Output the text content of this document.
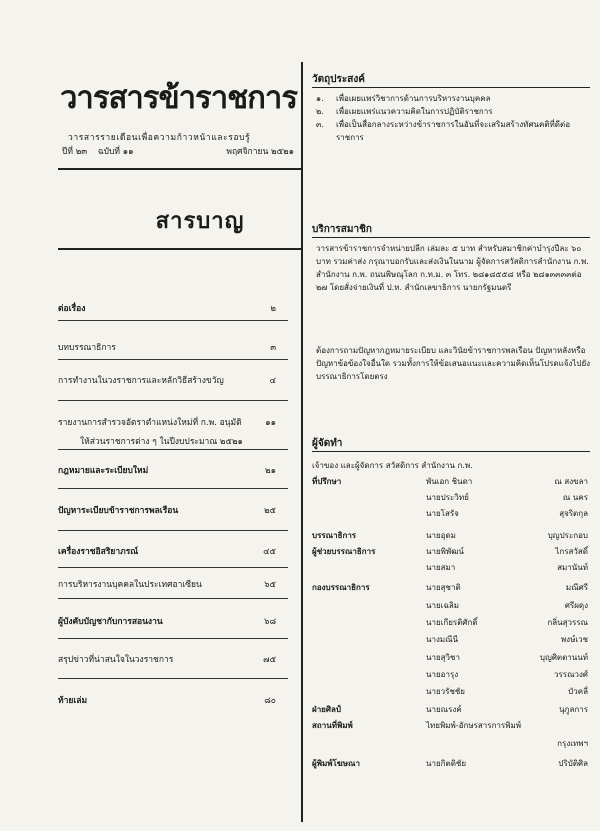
วารสารข้าราชการ
วารสารรายเดือนเพื่อความก้าวหน้าและรอบรู้
ปีที่ ๒๓ ฉบับที่ ๑๑	พฤศจิกายน ๒๕๒๑
สารบาญ
ต่อเรื่อง	๒
บทบรรณาธิการ	๓
การทำงานในวงราชการและหลักวิธีสร้างขวัญ	๔
รายงานการสำรวจอัตราตำแหน่งใหม่ที่ ก.พ. อนุมัติ	๑๑
ให้ส่วนราชการต่าง ๆ ในปีงบประมาณ ๒๕๒๑
กฎหมายและระเบียบใหม่	๒๑
ปัญหาระเบียบข้าราชการพลเรือน	๒๕
เครื่องราชอิสริยาภรณ์	๔๕
การบริหารงานบุคคลในประเทศอาเซียน	๖๕
ผู้บังคับบัญชากับการสอนงาน	๖๘
สรุปข่าวที่น่าสนใจในวงราชการ	๗๕
ท้ายเล่ม	๘๐
วัตถุประสงค์
๑.	เพื่อเผยแพร่วิชาการด้านการบริหารงานบุคคล
๒.	เพื่อเผยแพร่แนวความคิดในการปฏิบัติราชการ
๓.	เพื่อเป็นสื่อกลางระหว่างข้าราชการในอันที่จะเสริมสร้างทัศนคติที่ดีต่อราชการ
บริการสมาชิก
วารสารข้าราชการจำหน่ายปลีก เล่มละ ๕ บาท สำหรับสมาชิกค่าบำรุงปีละ ๖๐ บาท รวมค่าส่ง กรุณาบอกรับและส่งเงินในนาม ผู้จัดการสวัสดิการสำนักงาน ก.พ. สำนักงาน ก.พ. ถนนพิษณุโลก ก.ท.ม. ๓ โทร. ๒๘๑๘๕๕๘ หรือ ๒๘๑๓๓๓๓ต่อ ๒๗ โดยสั่งจ่ายเงินที่ ป.ท. สำนักเลขาธิการ นายกรัฐมนตรี
ต้องการถามปัญหากฎหมายระเบียบ และวินัยข้าราชการพลเรือน ปัญหาหลังหรือปัญหาข้อข้องใจอื่นใด รวมทั้งการให้ข้อเสนอแนะและความคิดเห็นโปรดแจ้งไปยังบรรณาธิการโดยตรง
ผู้จัดทำ
เจ้าของ และผู้จัดการ สวัสดิการ สำนักงาน ก.พ.
ที่ปรึกษา	พันเอก ชินดา	ณ สงขลา
นายประวิทย์	ณ นคร
นายโสรัจ	สุจริตกุล
บรรณาธิการ	นายอุดม	บุญประกอบ
ผู้ช่วยบรรณาธิการ	นายพิพัฒน์	ไกรสวัสดิ์
นายสมา	สมานันท์
กองบรรณาธิการ	นายสุชาติ	มณีศรี
นายเฉลิม	ศรีผดุง
นายเกียรติศักดิ์	กลิ่นสุวรรณ
นางมณีนี	พงษ์เวช
นายสุวิชา	บุญศิตตานนท์
นายอารุง	วรรณวงศ์
นายวรัชชัย	บัวคลี่
ฝ่ายศิลป์	นายณรงค์	นุกูลการ
สถานที่พิมพ์	ไทยพิมพ์-อักษรสารการพิมพ์
กรุงเทพฯ
ผู้พิมพ์โฆษณา	นายกิตติชัย	ปริบัติศิล
